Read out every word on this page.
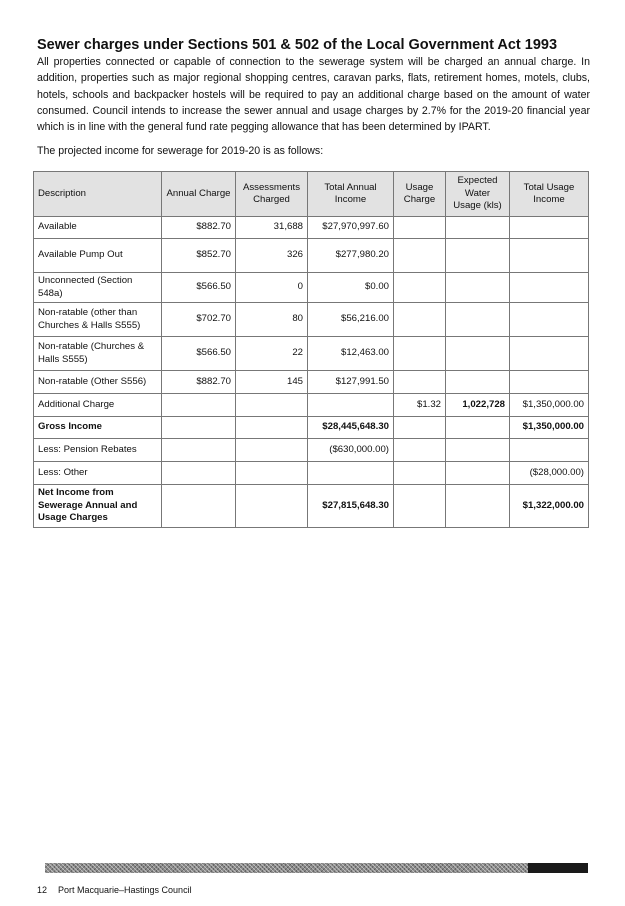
Sewer charges under Sections 501 & 502 of the Local Government Act 1993

All properties connected or capable of connection to the sewerage system will be charged an annual charge. In addition, properties such as major regional shopping centres, caravan parks, flats, retirement homes, motels, clubs, hotels, schools and backpacker hostels will be required to pay an additional charge based on the amount of water consumed. Council intends to increase the sewer annual and usage charges by 2.7% for the 2019-20 financial year which is in line with the general fund rate pegging allowance that has been determined by IPART.

The projected income for sewerage for 2019-20 is as follows:

Description	Annual Charge	Assessments Charged	Total Annual Income	Usage Charge	Expected Water Usage (kls)	Total Usage Income
Available	$882.70	31,688	$27,970,997.60			
Available Pump Out	$852.70	326	$277,980.20			
Unconnected (Section 548a)	$566.50	0	$0.00			
Non-ratable (other than Churches & Halls S555)	$702.70	80	$56,216.00			
Non-ratable (Churches & Halls S555)	$566.50	22	$12,463.00			
Non-ratable (Other S556)	$882.70	145	$127,991.50			
Additional Charge				$1.32	1,022,728	$1,350,000.00
Gross Income			$28,445,648.30			$1,350,000.00
Less: Pension Rebates			($630,000.00)			
Less: Other						($28,000.00)
Net Income from Sewerage Annual and Usage Charges			$27,815,648.30			$1,322,000.00
12 Port Macquarie–Hastings Council
